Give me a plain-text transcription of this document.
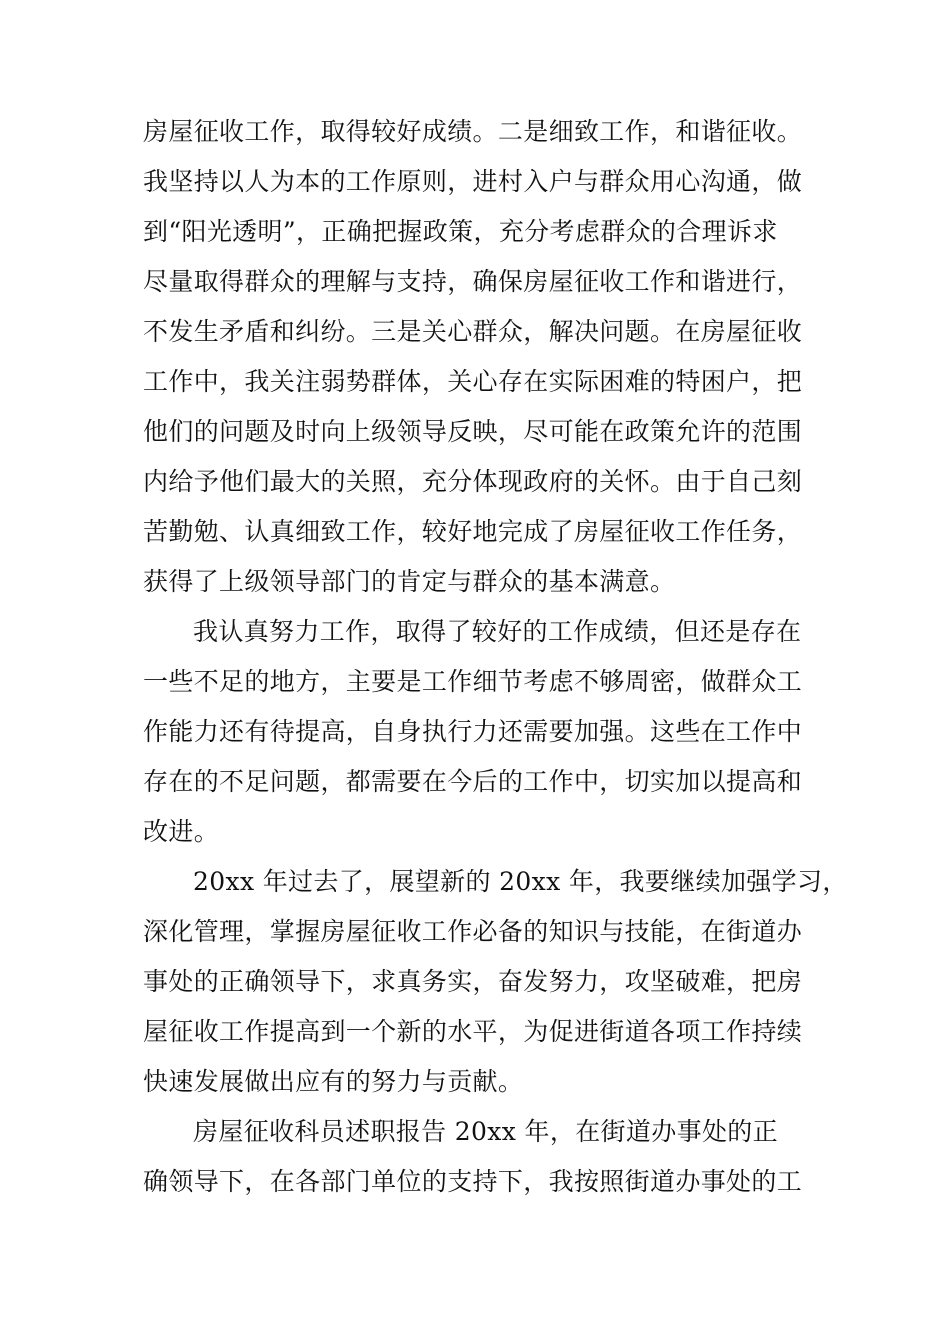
房屋征收工作，取得较好成绩。二是细致工作，和谐征收。
我坚持以人为本的工作原则，进村入户与群众用心沟通，做
到“阳光透明”，正确把握政策，充分考虑群众的合理诉求
尽量取得群众的理解与支持，确保房屋征收工作和谐进行，
不发生矛盾和纠纷。三是关心群众，解决问题。在房屋征收
工作中，我关注弱势群体，关心存在实际困难的特困户，把
他们的问题及时向上级领导反映，尽可能在政策允许的范围
内给予他们最大的关照，充分体现政府的关怀。由于自己刻
苦勤勉、认真细致工作，较好地完成了房屋征收工作任务，
获得了上级领导部门的肯定与群众的基本满意。
我认真努力工作，取得了较好的工作成绩，但还是存在
一些不足的地方，主要是工作细节考虑不够周密，做群众工
作能力还有待提高，自身执行力还需要加强。这些在工作中
存在的不足问题，都需要在今后的工作中，切实加以提高和
改进。
20xx 年过去了，展望新的 20xx 年，我要继续加强学习，
深化管理，掌握房屋征收工作必备的知识与技能，在街道办
事处的正确领导下，求真务实，奋发努力，攻坚破难，把房
屋征收工作提高到一个新的水平，为促进街道各项工作持续
快速发展做出应有的努力与贡献。
房屋征收科员述职报告 20xx 年，在街道办事处的正
确领导下，在各部门单位的支持下，我按照街道办事处的工
